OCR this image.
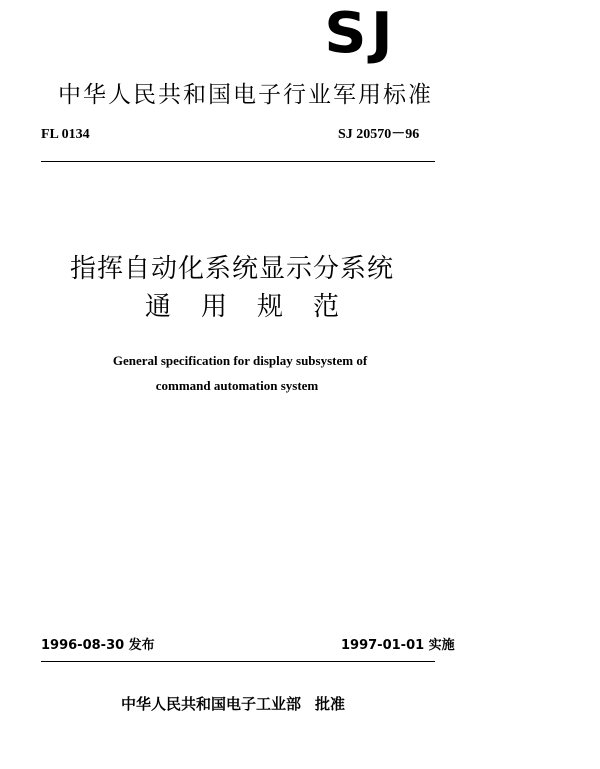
SJ
中华人民共和国电子行业军用标准
FL 0134	SJ 20570－96
指挥自动化系统显示分系统
通用规范
General specification for display subsystem of
command automation system
1996-08-30 发布	1997-01-01 实施
中华人民共和国电子工业部 批准
